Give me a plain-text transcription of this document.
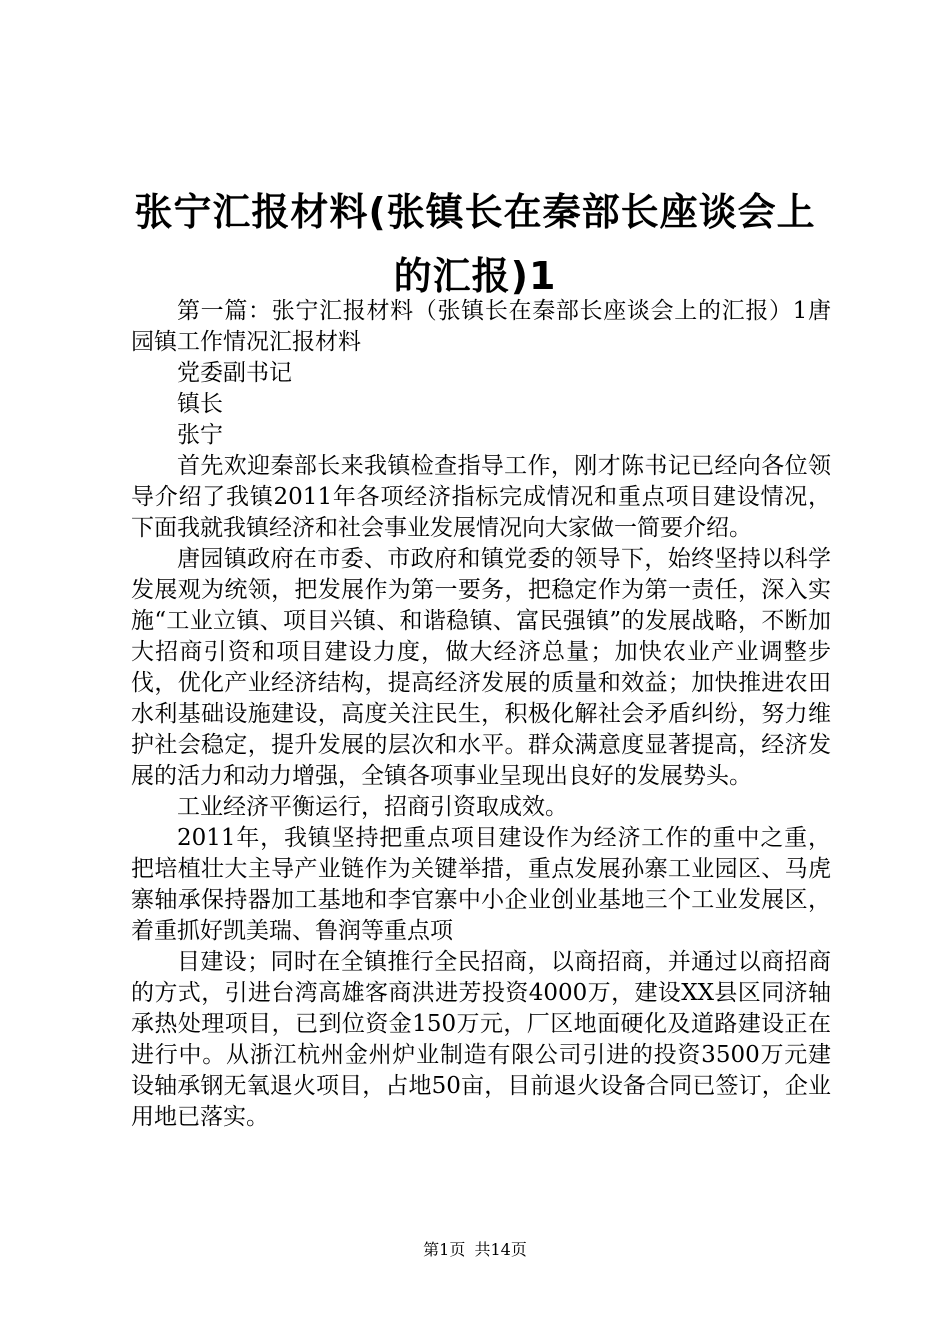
张宁汇报材料(张镇长在秦部长座谈会上的汇报)1

第一篇：张宁汇报材料（张镇长在秦部长座谈会上的汇报）1唐园镇工作情况汇报材料

党委副书记

镇长

张宁

首先欢迎秦部长来我镇检查指导工作，刚才陈书记已经向各位领导介绍了我镇2011年各项经济指标完成情况和重点项目建设情况，下面我就我镇经济和社会事业发展情况向大家做一简要介绍。

唐园镇政府在市委、市政府和镇党委的领导下，始终坚持以科学发展观为统领，把发展作为第一要务，把稳定作为第一责任，深入实施“工业立镇、项目兴镇、和谐稳镇、富民强镇”的发展战略，不断加大招商引资和项目建设力度，做大经济总量；加快农业产业调整步伐，优化产业经济结构，提高经济发展的质量和效益；加快推进农田水利基础设施建设，高度关注民生，积极化解社会矛盾纠纷，努力维护社会稳定，提升发展的层次和水平。群众满意度显著提高，经济发展的活力和动力增强，全镇各项事业呈现出良好的发展势头。

工业经济平衡运行，招商引资取成效。

2011年，我镇坚持把重点项目建设作为经济工作的重中之重，把培植壮大主导产业链作为关键举措，重点发展孙寨工业园区、马虎寨轴承保持器加工基地和李官寨中小企业创业基地三个工业发展区，着重抓好凯美瑞、鲁润等重点项

目建设；同时在全镇推行全民招商，以商招商，并通过以商招商的方式，引进台湾高雄客商洪进芳投资4000万，建设XX县区同济轴承热处理项目，已到位资金150万元，厂区地面硬化及道路建设正在进行中。从浙江杭州金州炉业制造有限公司引进的投资3500万元建设轴承钢无氧退火项目，占地50亩，目前退火设备合同已签订，企业用地已落实。

第1页 共14页
